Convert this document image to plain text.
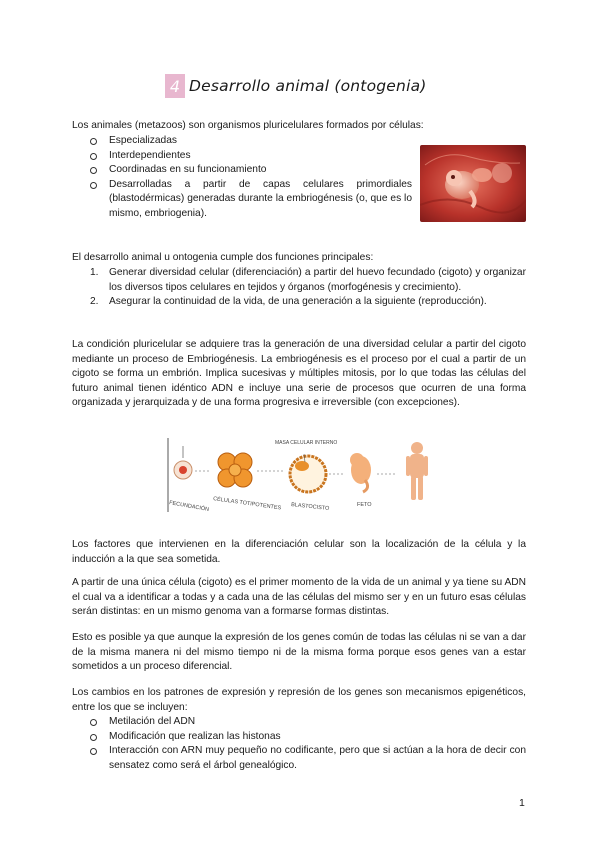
4 Desarrollo animal (ontogenia)
Los animales (metazoos) son organismos pluricelulares formados por células:
Especializadas
Interdependientes
Coordinadas en su funcionamiento
Desarrolladas a partir de capas celulares primordiales (blastodérmicas) generadas durante la embriogénesis (o, que es lo mismo, embriogenia).
El desarrollo animal u ontogenia cumple dos funciones principales:
1. Generar diversidad celular (diferenciación) a partir del huevo fecundado (cigoto) y organizar los diversos tipos celulares en tejidos y órganos (morfogénesis y crecimiento).
2. Asegurar la continuidad de la vida, de una generación a la siguiente (reproducción).
La condición pluricelular se adquiere tras la generación de una diversidad celular a partir del cigoto mediante un proceso de Embriogénesis. La embriogénesis es el proceso por el cual a partir de un cigoto se forma un embrión. Implica sucesivas y múltiples mitosis, por lo que todas las células del futuro animal tienen idéntico ADN e incluye una serie de procesos que ocurren de una forma organizada y jerarquizada y de una forma progresiva e irreversible (con excepciones).
FECUNDACIÓN CÉLULAS TOTIPOTENTES
MASA CELULAR INTERNO
BLASTOCISTO	FETO
Los factores que intervienen en la diferenciación celular son la localización de la célula y la inducción a la que sea sometida.
A partir de una única célula (cigoto) es el primer momento de la vida de un animal y ya tiene su ADN el cual va a identificar a todas y a cada una de las células del mismo ser y en un futuro esas células serán distintas: en un mismo genoma van a formarse formas distintas.
Esto es posible ya que aunque la expresión de los genes común de todas las células ni se van a dar de la misma manera ni del mismo tiempo ni de la misma forma porque esos genes van a estar sometidos a un proceso diferencial.
Los cambios en los patrones de expresión y represión de los genes son mecanismos epigenéticos, entre los que se incluyen:
Metilación del ADN
Modificación que realizan las histonas
Interacción con ARN muy pequeño no codificante, pero que si actúan a la hora de decir con sensatez como será el árbol genealógico.
1
